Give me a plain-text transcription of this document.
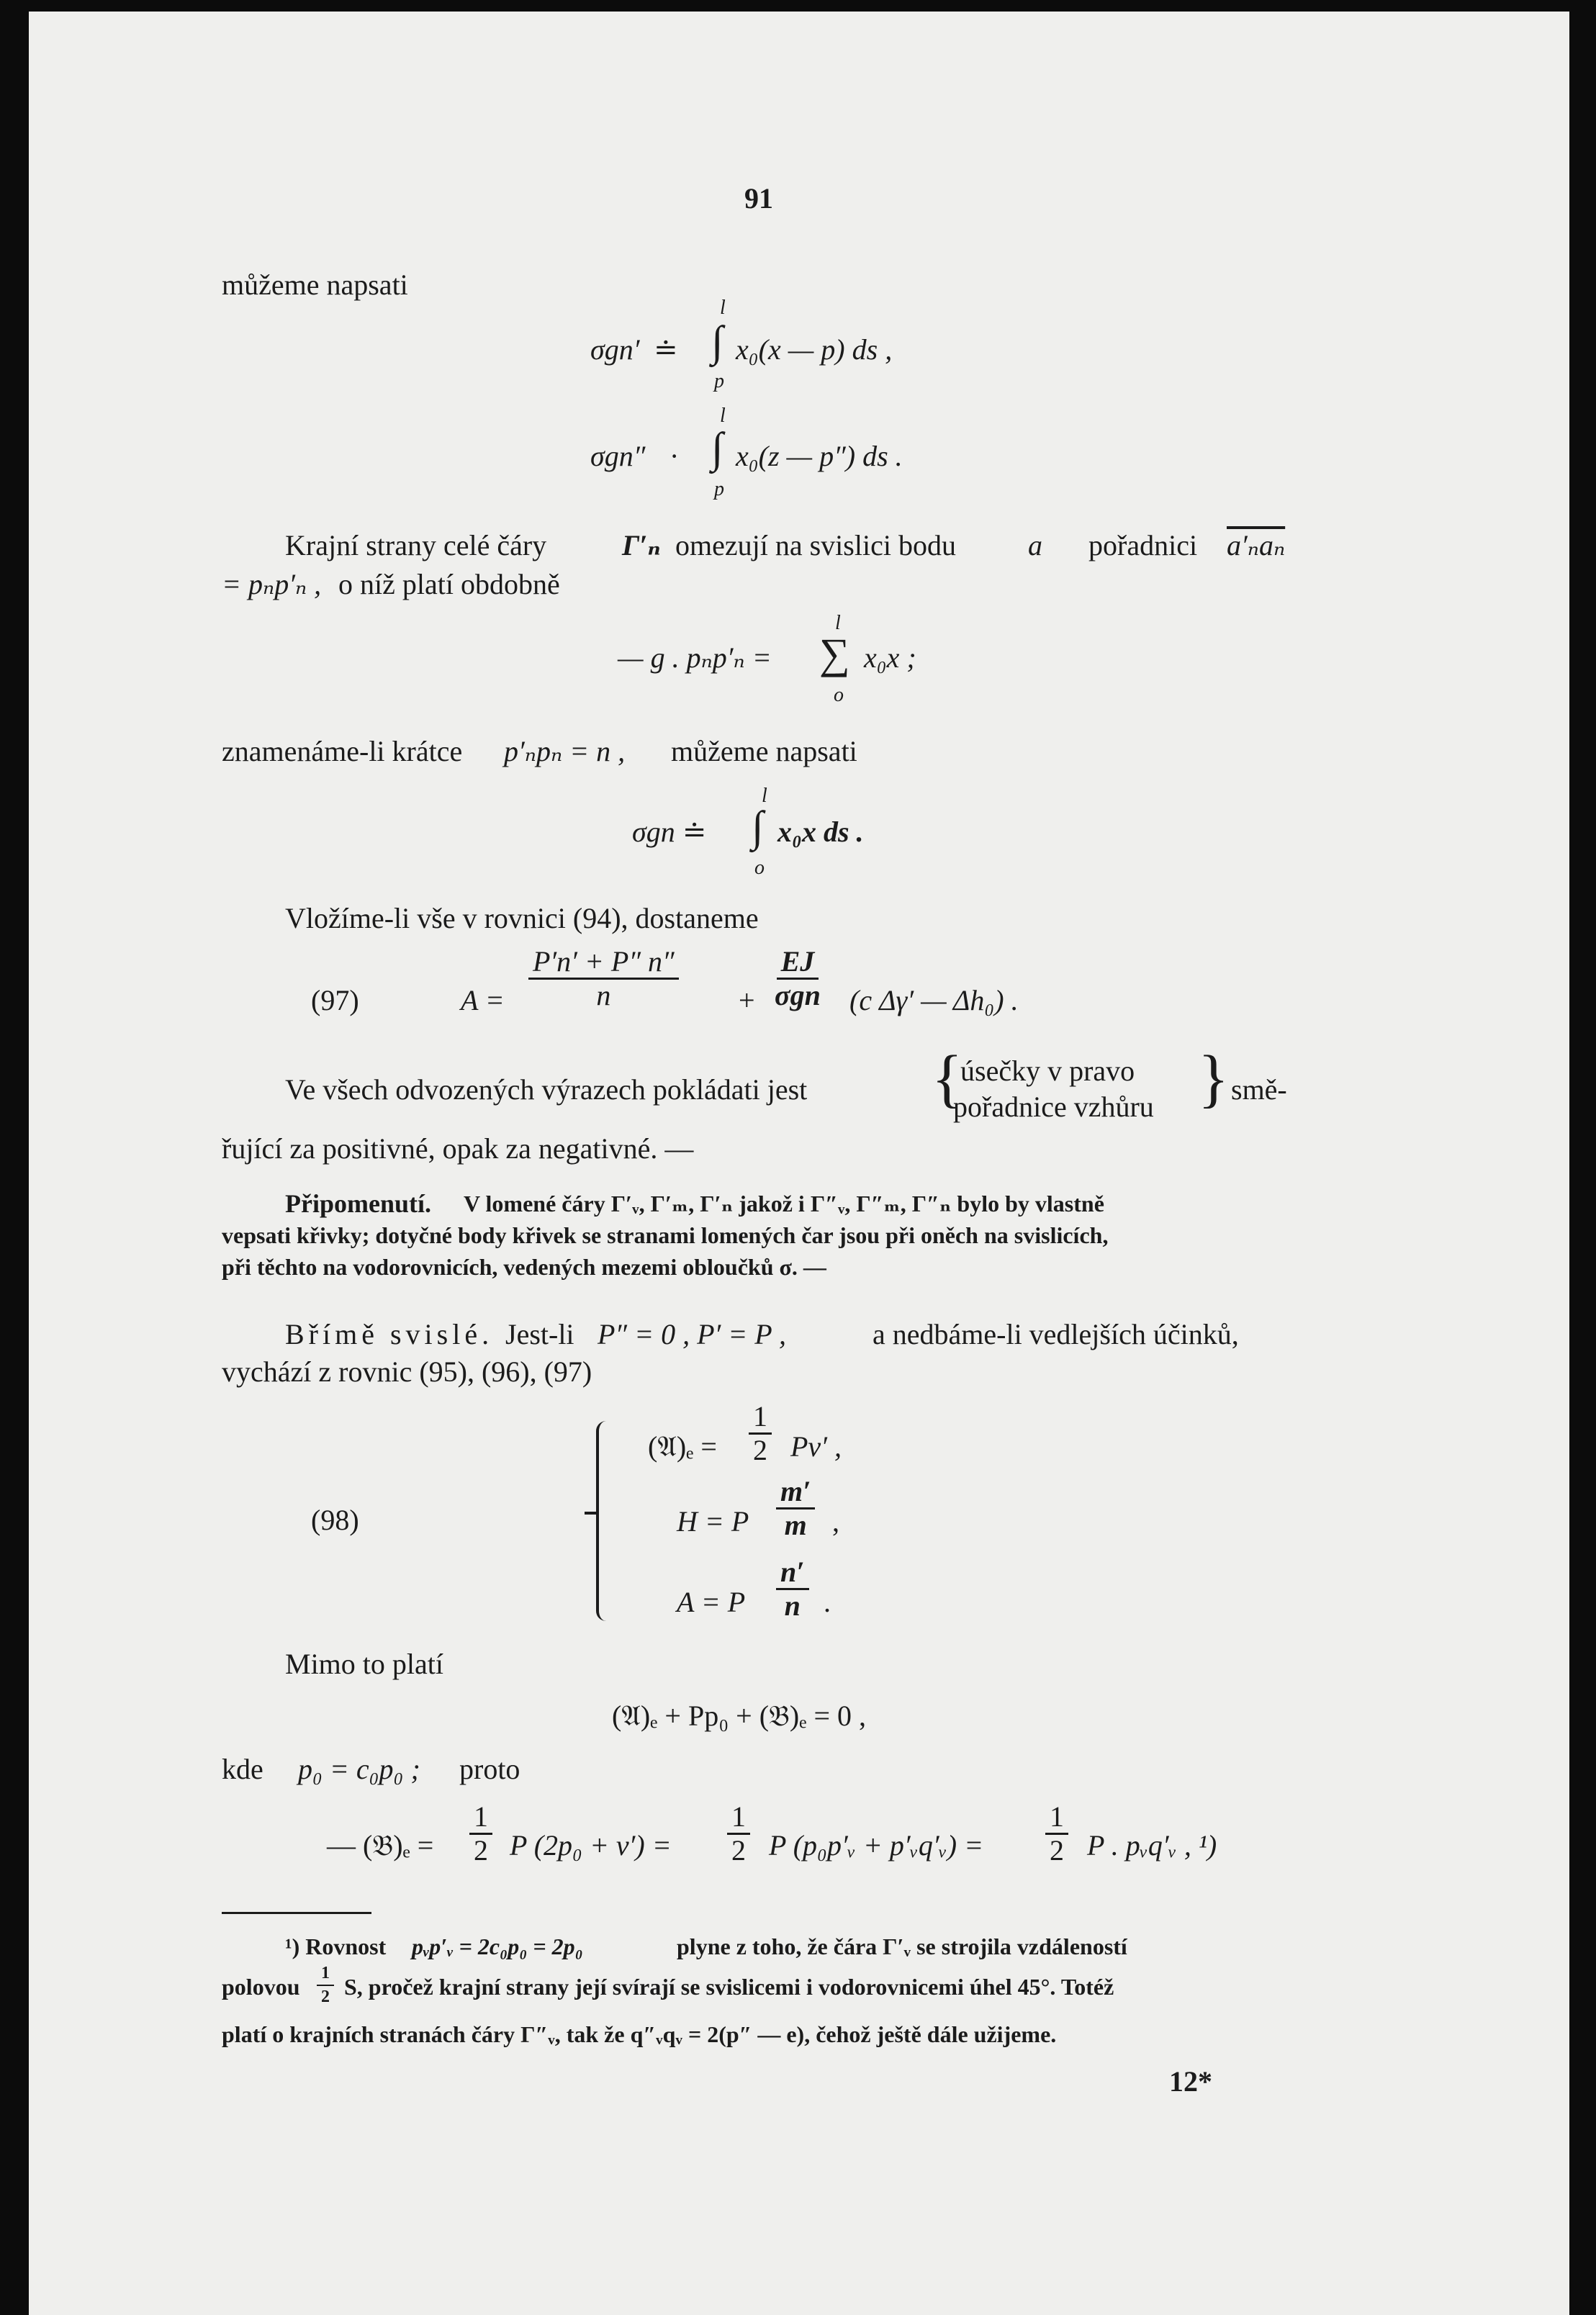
91
můžeme napsati
σgn′ ≐
l
∫
p
x₀(x — p) ds ,
σgn″ ·
l
∫
p
x₀(z — p″) ds .
Krajní strany celé čáry	Γ′ₙ omezují na svislici bodu	a pořadnici a′ₙaₙ
= pₙp′ₙ , o níž platí obdobně
— g . pₙp′ₙ =
l
∑
o
x₀x ;
znamenáme-li krátce p′ₙpₙ = n , můžeme napsati
σgn ≐
l
∫
o
x₀x ds .
Vložíme-li vše v rovnici (94), dostaneme
(97)	$A = \frac{P'n' + P'' n''}{n} + \frac{EJ}{\text{σgn}} (c$ Δγ′ — Δh₀) .
Ve všech odvozených výrazech pokládati jest {
úsečky v pravo
pořadnice vzhůru } smě-
řující za positivné, opak za negativné. —
Připomenutí. V lomené čáry Γ′ᵥ, Γ′ₘ, Γ′ₙ jakož i Γ″ᵥ, Γ″ₘ, Γ″ₙ bylo by vlastně
vepsati křivky; dotyčné body křivek se stranami lomených čar jsou při oněch na svislicích,
při těchto na vodorovnicích, vedených mezemi obloučků σ. —
Břímě svislé. Jest-li P″ = 0 , P′ = P ,	a nedbáme-li vedlejších účinků,
vychází z rovnic (95), (96), (97)
(98)
(𝔄)ₑ = $\frac{1}{2} Pv'$ ,
H = P $\frac{m'}{m}$ ,
A = P $\frac{n'}{n}$ .
Mimo to platí
(𝔄)ₑ + Pp₀ + (𝔅)ₑ = 0 ,
kde p₀ = c₀p₀ ; proto
— (𝔅)ₑ = $\frac{1}{2}$ P $(2p_0 + v') = \frac{1}{2}$ P (p₀p′ᵥ + p′ᵥq′ᵥ) = $\frac{1}{2}$ P . pᵥq′ᵥ , ¹)
¹) Rovnost pᵥp′ᵥ = 2c₀p₀ = 2p₀	plyne z toho, že čára Γ′ᵥ se strojila vzdáleností
polovou $\frac{1}{2} S$, pročež krajní strany její svírají se svislicemi i vodorovnicemi úhel 45°. Totéž
platí o krajních stranách čáry Γ″ᵥ, tak že q″ᵥqᵥ = 2(p″ — e), čehož ještě dále užijeme.
12*
